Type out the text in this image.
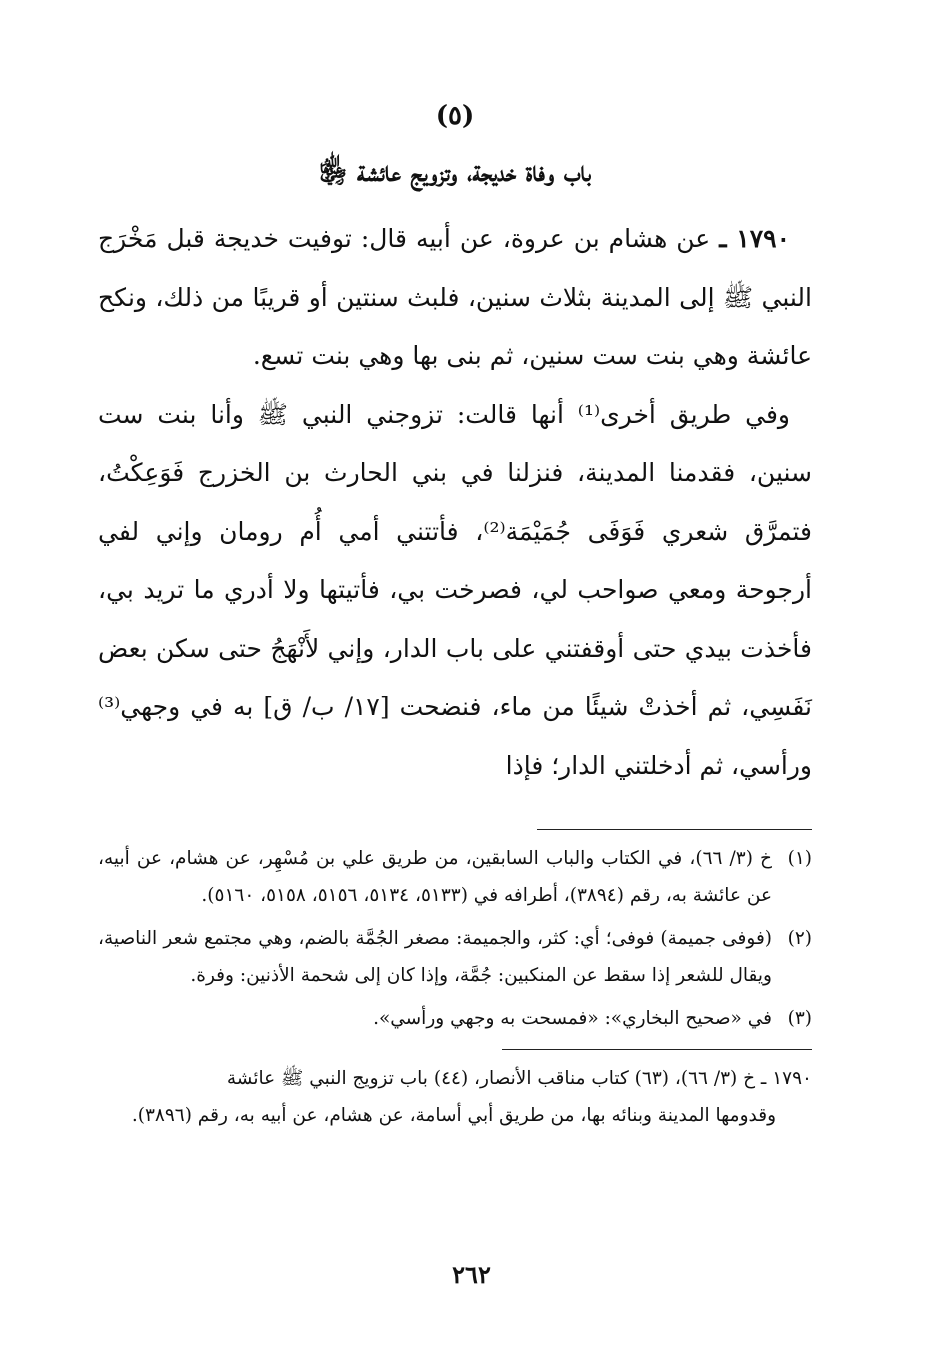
(٥)
باب وفاة خديجة، وتزويج عائشة ﵂

١٧٩٠ ـ عن هشام بن عروة، عن أبيه قال: توفيت خديجة قبل مَخْرَج النبي ﷺ إلى المدينة بثلاث سنين، فلبث سنتين أو قريبًا من ذلك، ونكح عائشة وهي بنت ست سنين، ثم بنى بها وهي بنت تسع.

وفي طريق أخرى⁽¹⁾ أنها قالت: تزوجني النبي ﷺ وأنا بنت ست سنين، فقدمنا المدينة، فنزلنا في بني الحارث بن الخزرج فَوَعِكْتُ، فتمرَّق شعري فَوَفَى جُمَيْمَة⁽²⁾، فأتتني أمي أُم رومان وإني لفي أرجوحة ومعي صواحب لي، فصرخت بي، فأتيتها ولا أدري ما تريد بي، فأخذت بيدي حتى أوقفتني على باب الدار، وإني لأَنْهَجُ حتى سكن بعض نَفَسِي، ثم أخذتْ شيئًا من ماء، فنضحت [١٧/ ب/ ق] به في وجهي⁽³⁾ ورأسي، ثم أدخلتني الدار؛ فإذا

(١)
خ (٣/ ٦٦)، في الكتاب والباب السابقين، من طريق علي بن مُسْهِر، عن هشام، عن أبيه، عن عائشة به، رقم (٣٨٩٤)، أطرافه في (٥١٣٣، ٥١٣٤، ٥١٥٦، ٥١٥٨، ٥١٦٠).
(٢)
(فوفى جميمة) فوفى؛ أي: كثر، والجميمة: مصغر الجُمَّة بالضم، وهي مجتمع شعر الناصية، ويقال للشعر إذا سقط عن المنكبين: جُمَّة، وإذا كان إلى شحمة الأذنين: وفرة.
(٣)
في «صحيح البخاري»: «فمسحت به وجهي ورأسي».
١٧٩٠ ـ خ (٣/ ٦٦)، (٦٣) كتاب مناقب الأنصار، (٤٤) باب تزويج النبي ﷺ عائشة
وقدومها المدينة وبنائه بها، من طريق أبي أسامة، عن هشام، عن أبيه به، رقم (٣٨٩٦).
٢٦٢
